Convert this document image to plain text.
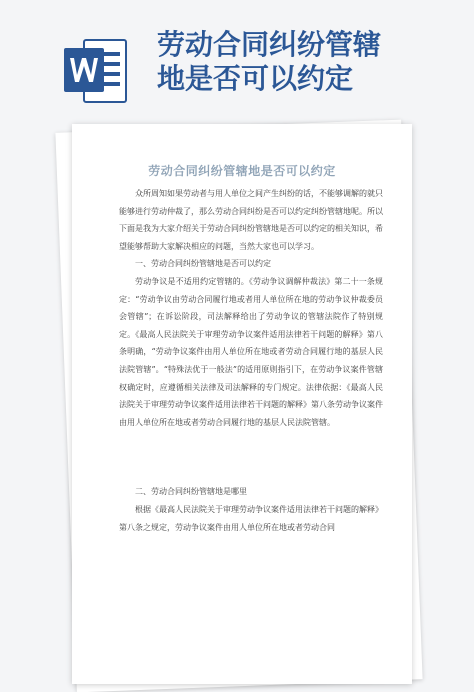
劳动合同纠纷管辖
地是否可以约定
劳动合同纠纷管辖地是否可以约定

众所周知如果劳动者与用人单位之间产生纠纷的话，不能够调解的就只能够进行劳动仲裁了，那么劳动合同纠纷是否可以约定纠纷管辖地呢。所以下面是我为大家介绍关于劳动合同纠纷管辖地是否可以约定的相关知识，希望能够帮助大家解决相应的问题，当然大家也可以学习。

一、劳动合同纠纷管辖地是否可以约定

劳动争议是不适用约定管辖的。《劳动争议调解仲裁法》第二十一条规定：“劳动争议由劳动合同履行地或者用人单位所在地的劳动争议仲裁委员会管辖”；在诉讼阶段，司法解释给出了劳动争议的管辖法院作了特别规定。《最高人民法院关于审理劳动争议案件适用法律若干问题的解释》第八条明确，“劳动争议案件由用人单位所在地或者劳动合同履行地的基层人民法院管辖”。“特殊法优于一般法”的适用原则指引下，在劳动争议案件管辖权确定时，应遵循相关法律及司法解释的专门规定。法律依据：《最高人民法院关于审理劳动争议案件适用法律若干问题的解释》第八条劳动争议案件由用人单位所在地或者劳动合同履行地的基层人民法院管辖。

二、劳动合同纠纷管辖地是哪里

根据《最高人民法院关于审理劳动争议案件适用法律若干问题的解释》第八条之规定，劳动争议案件由用人单位所在地或者劳动合同
